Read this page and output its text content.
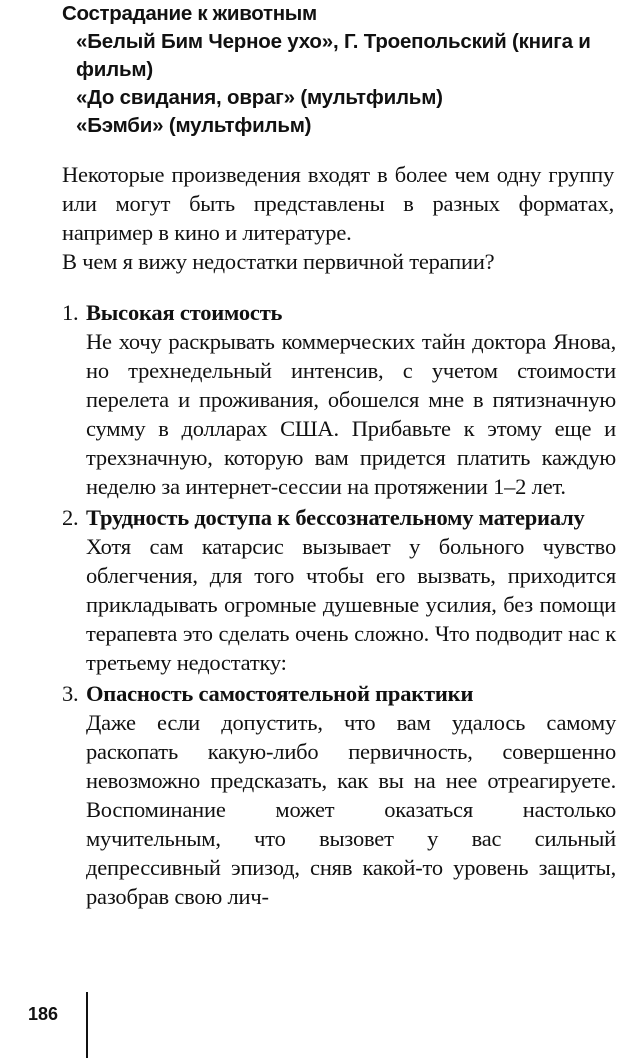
Сострадание к животным
«Белый Бим Черное ухо», Г. Троепольский (книга и фильм)
«До свидания, овраг» (мультфильм)
«Бэмби» (мультфильм)

Некоторые произведения входят в более чем одну группу или могут быть представлены в разных форматах, например в кино и литературе.

В чем я вижу недостатки первичной терапии?

1. Высокая стоимость
Не хочу раскрывать коммерческих тайн доктора Янова, но трехнедельный интенсив, с учетом стоимости перелета и проживания, обошелся мне в пятизначную сумму в долларах США. Прибавьте к этому еще и трехзначную, которую вам придется платить каждую неделю за интернет-сессии на протяжении 1–2 лет.
2. Трудность доступа к бессознательному материалу
Хотя сам катарсис вызывает у больного чувство облегчения, для того чтобы его вызвать, приходится прикладывать огромные душевные усилия, без помощи терапевта это сделать очень сложно. Что подводит нас к третьему недостатку:
3. Опасность самостоятельной практики
Даже если допустить, что вам удалось самому раскопать какую-либо первичность, совершенно невозможно предсказать, как вы на нее отреагируете. Воспоминание может оказаться настолько мучительным, что вызовет у вас сильный депрессивный эпизод, сняв какой-то уровень защиты, разобрав свою лич-
186
